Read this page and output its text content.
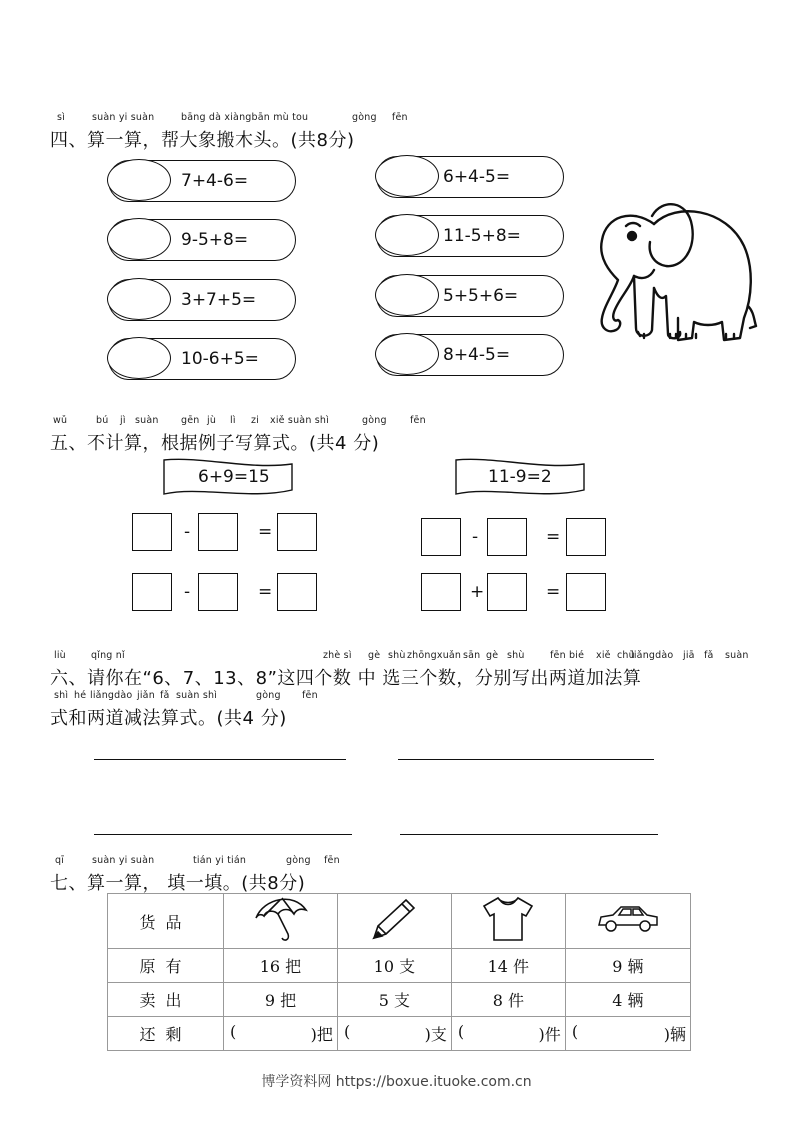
sì	suàn yi suàn	bāng dà xiàngbān mù tou	gòng fēn
四、算一算，帮大象搬木头。(共8分)
7+4-6=
9-5+8=
3+7+5=
10-6+5=
6+4-5=
11-5+8=
5+5+6=
8+4-5=
wǔ	bú jì suàn gēn jù lì zi xiě suàn shì	gòng fēn
五、不计算，根据例子写算式。(共4 分)
6+9=15	11-9=2
-	=
-	=
-	=
+	=
liù	qǐng nǐ	zhè sì gè shù zhōngxuǎn sān gè shù	fēn bié xiě chū
liǎngdào jiā fǎ suàn
六、请你在“6、7、13、8”这四个数 中 选三个数，分别写出两道加法算
shì hé liǎngdào jiǎn fǎ suàn shì	gòng fēn
式和两道减法算式。(共4 分)
qī	suàn yi suàn	tián yi tián	gòng fēn
七、算一算， 填一填。(共8分)
货品				
原有	16 把	10 支	14 件	9 辆
卖出	9 把	5 支	8 件	4 辆
还剩	( )把	( )支	( )件	( )辆
博学资料网 https://boxue.ituoke.com.cn
